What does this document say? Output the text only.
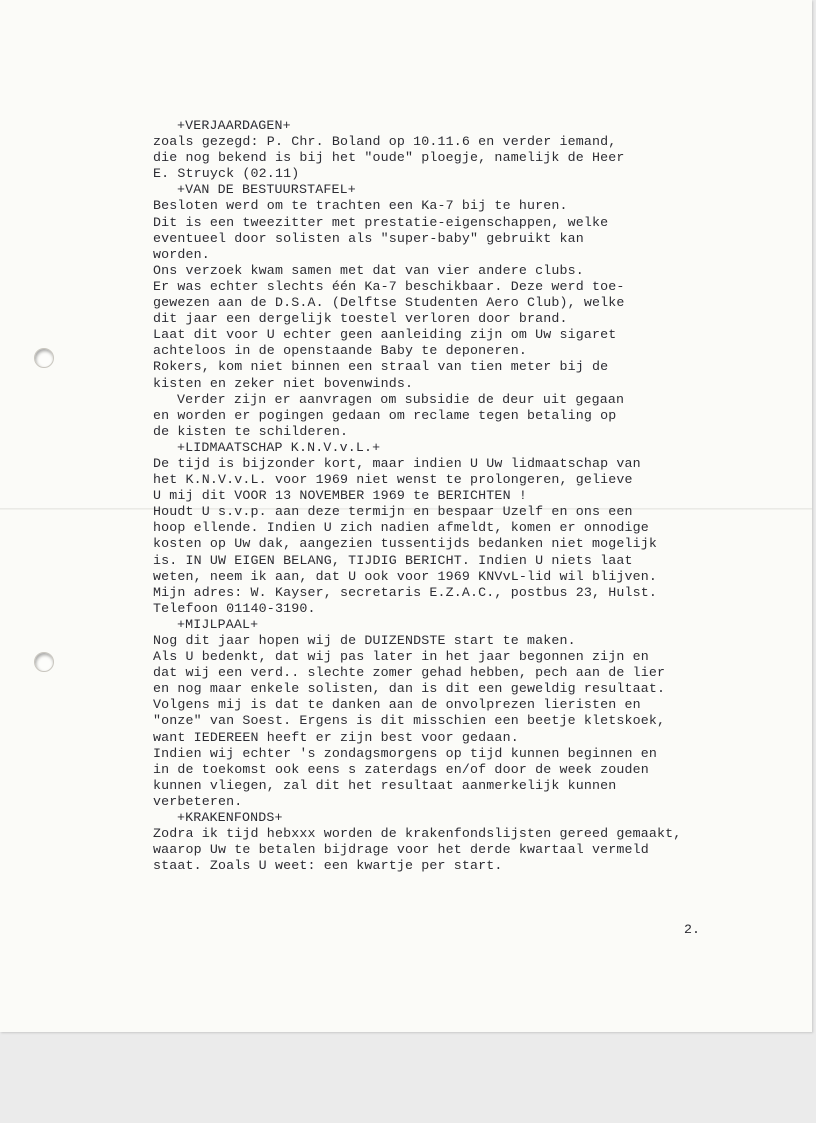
+VERJAARDAGEN+
zoals gezegd: P. Chr. Boland op 10.11.6 en verder iemand,
die nog bekend is bij het "oude" ploegje, namelijk de Heer
E. Struyck (02.11)
+VAN DE BESTUURSTAFEL+
Besloten werd om te trachten een Ka-7 bij te huren.
Dit is een tweezitter met prestatie-eigenschappen, welke
eventueel door solisten als "super-baby" gebruikt kan
worden.
Ons verzoek kwam samen met dat van vier andere clubs.
Er was echter slechts één Ka-7 beschikbaar. Deze werd toe-
gewezen aan de D.S.A. (Delftse Studenten Aero Club), welke
dit jaar een dergelijk toestel verloren door brand.
Laat dit voor U echter geen aanleiding zijn om Uw sigaret
achteloos in de openstaande Baby te deponeren.
Rokers, kom niet binnen een straal van tien meter bij de
kisten en zeker niet bovenwinds.
Verder zijn er aanvragen om subsidie de deur uit gegaan
en worden er pogingen gedaan om reclame tegen betaling op
de kisten te schilderen.
+LIDMAATSCHAP K.N.V.v.L.+
De tijd is bijzonder kort, maar indien U Uw lidmaatschap van
het K.N.V.v.L. voor 1969 niet wenst te prolongeren, gelieve
U mij dit VOOR 13 NOVEMBER 1969 te BERICHTEN !
Houdt U s.v.p. aan deze termijn en bespaar Uzelf en ons een
hoop ellende. Indien U zich nadien afmeldt, komen er onnodige
kosten op Uw dak, aangezien tussentijds bedanken niet mogelijk
is. IN UW EIGEN BELANG, TIJDIG BERICHT. Indien U niets laat
weten, neem ik aan, dat U ook voor 1969 KNVvL-lid wil blijven.
Mijn adres: W. Kayser, secretaris E.Z.A.C., postbus 23, Hulst.
Telefoon 01140-3190.
+MIJLPAAL+
Nog dit jaar hopen wij de DUIZENDSTE start te maken.
Als U bedenkt, dat wij pas later in het jaar begonnen zijn en
dat wij een verd.. slechte zomer gehad hebben, pech aan de lier
en nog maar enkele solisten, dan is dit een geweldig resultaat.
Volgens mij is dat te danken aan de onvolprezen lieristen en
"onze" van Soest. Ergens is dit misschien een beetje kletskoek,
want IEDEREEN heeft er zijn best voor gedaan.
Indien wij echter 's zondagsmorgens op tijd kunnen beginnen en
in de toekomst ook eens s zaterdags en/of door de week zouden
kunnen vliegen, zal dit het resultaat aanmerkelijk kunnen
verbeteren.
+KRAKENFONDS+
Zodra ik tijd hebxxx worden de krakenfondslijsten gereed gemaakt,
waarop Uw te betalen bijdrage voor het derde kwartaal vermeld
staat. Zoals U weet: een kwartje per start.
2.
